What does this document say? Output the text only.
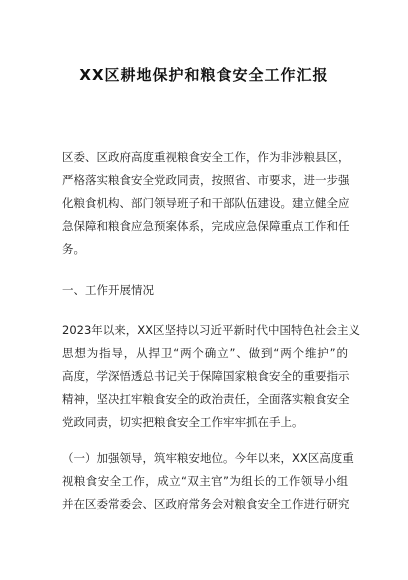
XX区耕地保护和粮食安全工作汇报
区委、区政府高度重视粮食安全工作，作为非涉粮县区，
严格落实粮食安全党政同责，按照省、市要求，进一步强
化粮食机构、部门领导班子和干部队伍建设。建立健全应
急保障和粮食应急预案体系，完成应急保障重点工作和任
务。
一、工作开展情况
2023年以来，XX区坚持以习近平新时代中国特色社会主义
思想为指导，从捍卫“两个确立”、做到“两个维护”的
高度，学深悟透总书记关于保障国家粮食安全的重要指示
精神，坚决扛牢粮食安全的政治责任，全面落实粮食安全
党政同责，切实把粮食安全工作牢牢抓在手上。
（一）加强领导，筑牢粮安地位。今年以来，XX区高度重
视粮食安全工作，成立“双主官”为组长的工作领导小组
并在区委常委会、区政府常务会对粮食安全工作进行研究
